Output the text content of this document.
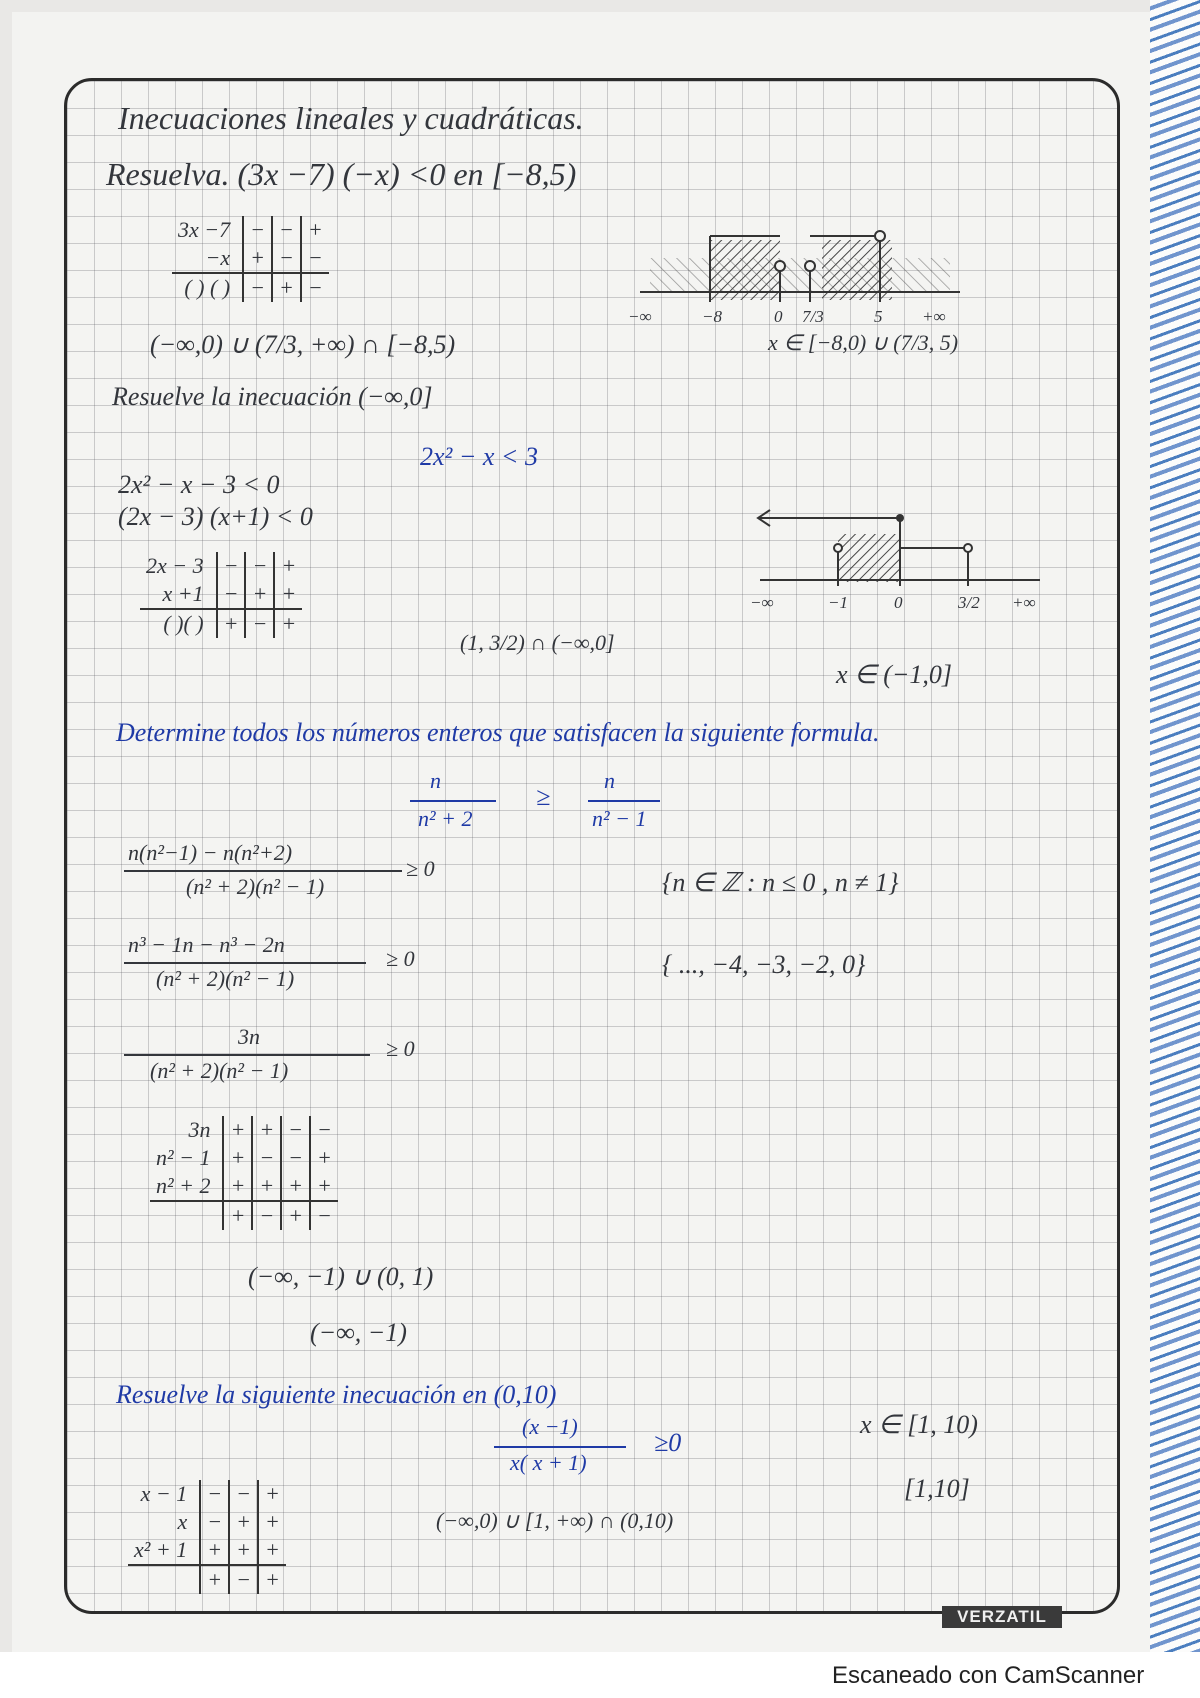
Inecuaciones lineales y cuadráticas.
Resuelva. (3x −7) (−x) <0 en [−8,5)
3x −7	−	−	+
−x	+	−	−
( ) ( )	−	+	−
(−∞,0) ∪ (7/3, +∞) ∩ [−8,5)
−∞	−8	0 7/3	5 +∞
x ∈ [−8,0) ∪ (7/3, 5)
Resuelve la inecuación (−∞,0]
2x² − x < 3
2x² − x − 3 < 0
(2x − 3) (x+1) < 0
2x − 3	−	−	+
x +1	−	+	+
( )( )	+	−	+
(1, 3/2) ∩ (−∞,0]
−∞	−1	0	3/2 +∞
x ∈ (−1,0]
Determine todos los números enteros que satisfacen la siguiente formula.
n
n² + 2
≥
n
n² − 1
n(n²−1) − n(n²+2)
(n² + 2)(n² − 1)
≥ 0
n³ − 1n − n³ − 2n
(n² + 2)(n² − 1)
≥ 0
3n
(n² + 2)(n² − 1)
≥ 0
{n ∈ ℤ : n ≤ 0 , n ≠ 1}
{ ..., −4, −3, −2, 0}
3n	+	+	−	−
n² − 1	+	−	−	+
n² + 2	+	+	+	+
	+	−	+	−
(−∞, −1) ∪ (0, 1)
(−∞, −1)
Resuelve la siguiente inecuación en (0,10)
(x −1)
x( x + 1)
≥0
x ∈ [1, 10)
[1,10]
x − 1	−	−	+
x	−	+	+
x² + 1	+	+	+
	+	−	+
(−∞,0) ∪ [1, +∞) ∩ (0,10)
VERZATIL
Escaneado con CamScanner
